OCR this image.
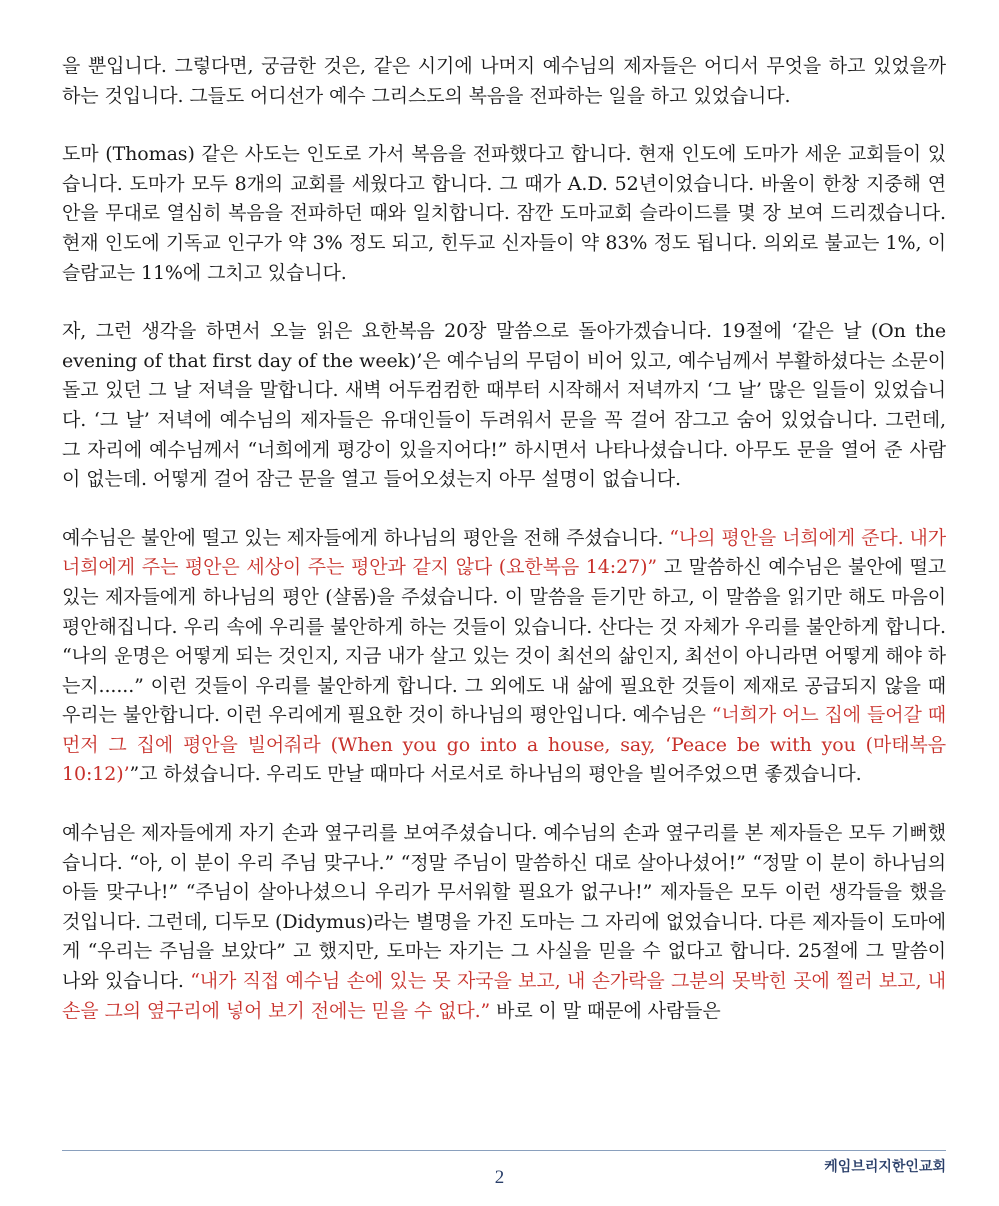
을 뿐입니다. 그렇다면, 궁금한 것은, 같은 시기에 나머지 예수님의 제자들은 어디서 무엇을 하고 있었을까 하는 것입니다. 그들도 어디선가 예수 그리스도의 복음을 전파하는 일을 하고 있었습니다.

도마 (Thomas) 같은 사도는 인도로 가서 복음을 전파했다고 합니다. 현재 인도에 도마가 세운 교회들이 있습니다. 도마가 모두 8개의 교회를 세웠다고 합니다. 그 때가 A.D. 52년이었습니다. 바울이 한창 지중해 연안을 무대로 열심히 복음을 전파하던 때와 일치합니다. 잠깐 도마교회 슬라이드를 몇 장 보여 드리겠습니다. 현재 인도에 기독교 인구가 약 3% 정도 되고, 힌두교 신자들이 약 83% 정도 됩니다. 의외로 불교는 1%, 이슬람교는 11%에 그치고 있습니다.

자, 그런 생각을 하면서 오늘 읽은 요한복음 20장 말씀으로 돌아가겠습니다. 19절에 ‘같은 날 (On the evening of that first day of the week)’은 예수님의 무덤이 비어 있고, 예수님께서 부활하셨다는 소문이 돌고 있던 그 날 저녁을 말합니다. 새벽 어두컴컴한 때부터 시작해서 저녁까지 ‘그 날’ 많은 일들이 있었습니다. ‘그 날’ 저녁에 예수님의 제자들은 유대인들이 두려워서 문을 꼭 걸어 잠그고 숨어 있었습니다. 그런데, 그 자리에 예수님께서 “너희에게 평강이 있을지어다!” 하시면서 나타나셨습니다. 아무도 문을 열어 준 사람이 없는데. 어떻게 걸어 잠근 문을 열고 들어오셨는지 아무 설명이 없습니다.

예수님은 불안에 떨고 있는 제자들에게 하나님의 평안을 전해 주셨습니다. “나의 평안을 너희에게 준다. 내가 너희에게 주는 평안은 세상이 주는 평안과 같지 않다 (요한복음 14:27)” 고 말씀하신 예수님은 불안에 떨고 있는 제자들에게 하나님의 평안 (샬롬)을 주셨습니다. 이 말씀을 듣기만 하고, 이 말씀을 읽기만 해도 마음이 평안해집니다. 우리 속에 우리를 불안하게 하는 것들이 있습니다. 산다는 것 자체가 우리를 불안하게 합니다. “나의 운명은 어떻게 되는 것인지, 지금 내가 살고 있는 것이 최선의 삶인지, 최선이 아니라면 어떻게 해야 하는지......” 이런 것들이 우리를 불안하게 합니다. 그 외에도 내 삶에 필요한 것들이 제재로 공급되지 않을 때 우리는 불안합니다. 이런 우리에게 필요한 것이 하나님의 평안입니다. 예수님은 “너희가 어느 집에 들어갈 때 먼저 그 집에 평안을 빌어줘라 (When you go into a house, say, ‘Peace be with you (마태복음 10:12)’”고 하셨습니다. 우리도 만날 때마다 서로서로 하나님의 평안을 빌어주었으면 좋겠습니다.

예수님은 제자들에게 자기 손과 옆구리를 보여주셨습니다. 예수님의 손과 옆구리를 본 제자들은 모두 기뻐했습니다. “아, 이 분이 우리 주님 맞구나.” “정말 주님이 말씀하신 대로 살아나셨어!” “정말 이 분이 하나님의 아들 맞구나!” “주님이 살아나셨으니 우리가 무서워할 필요가 없구나!” 제자들은 모두 이런 생각들을 했을 것입니다. 그런데, 디두모 (Didymus)라는 별명을 가진 도마는 그 자리에 없었습니다. 다른 제자들이 도마에게 “우리는 주님을 보았다” 고 했지만, 도마는 자기는 그 사실을 믿을 수 없다고 합니다. 25절에 그 말씀이 나와 있습니다. “내가 직접 예수님 손에 있는 못 자국을 보고, 내 손가락을 그분의 못박힌 곳에 찔러 보고, 내 손을 그의 옆구리에 넣어 보기 전에는 믿을 수 없다.” 바로 이 말 때문에 사람들은

2	케임브리지한인교회
